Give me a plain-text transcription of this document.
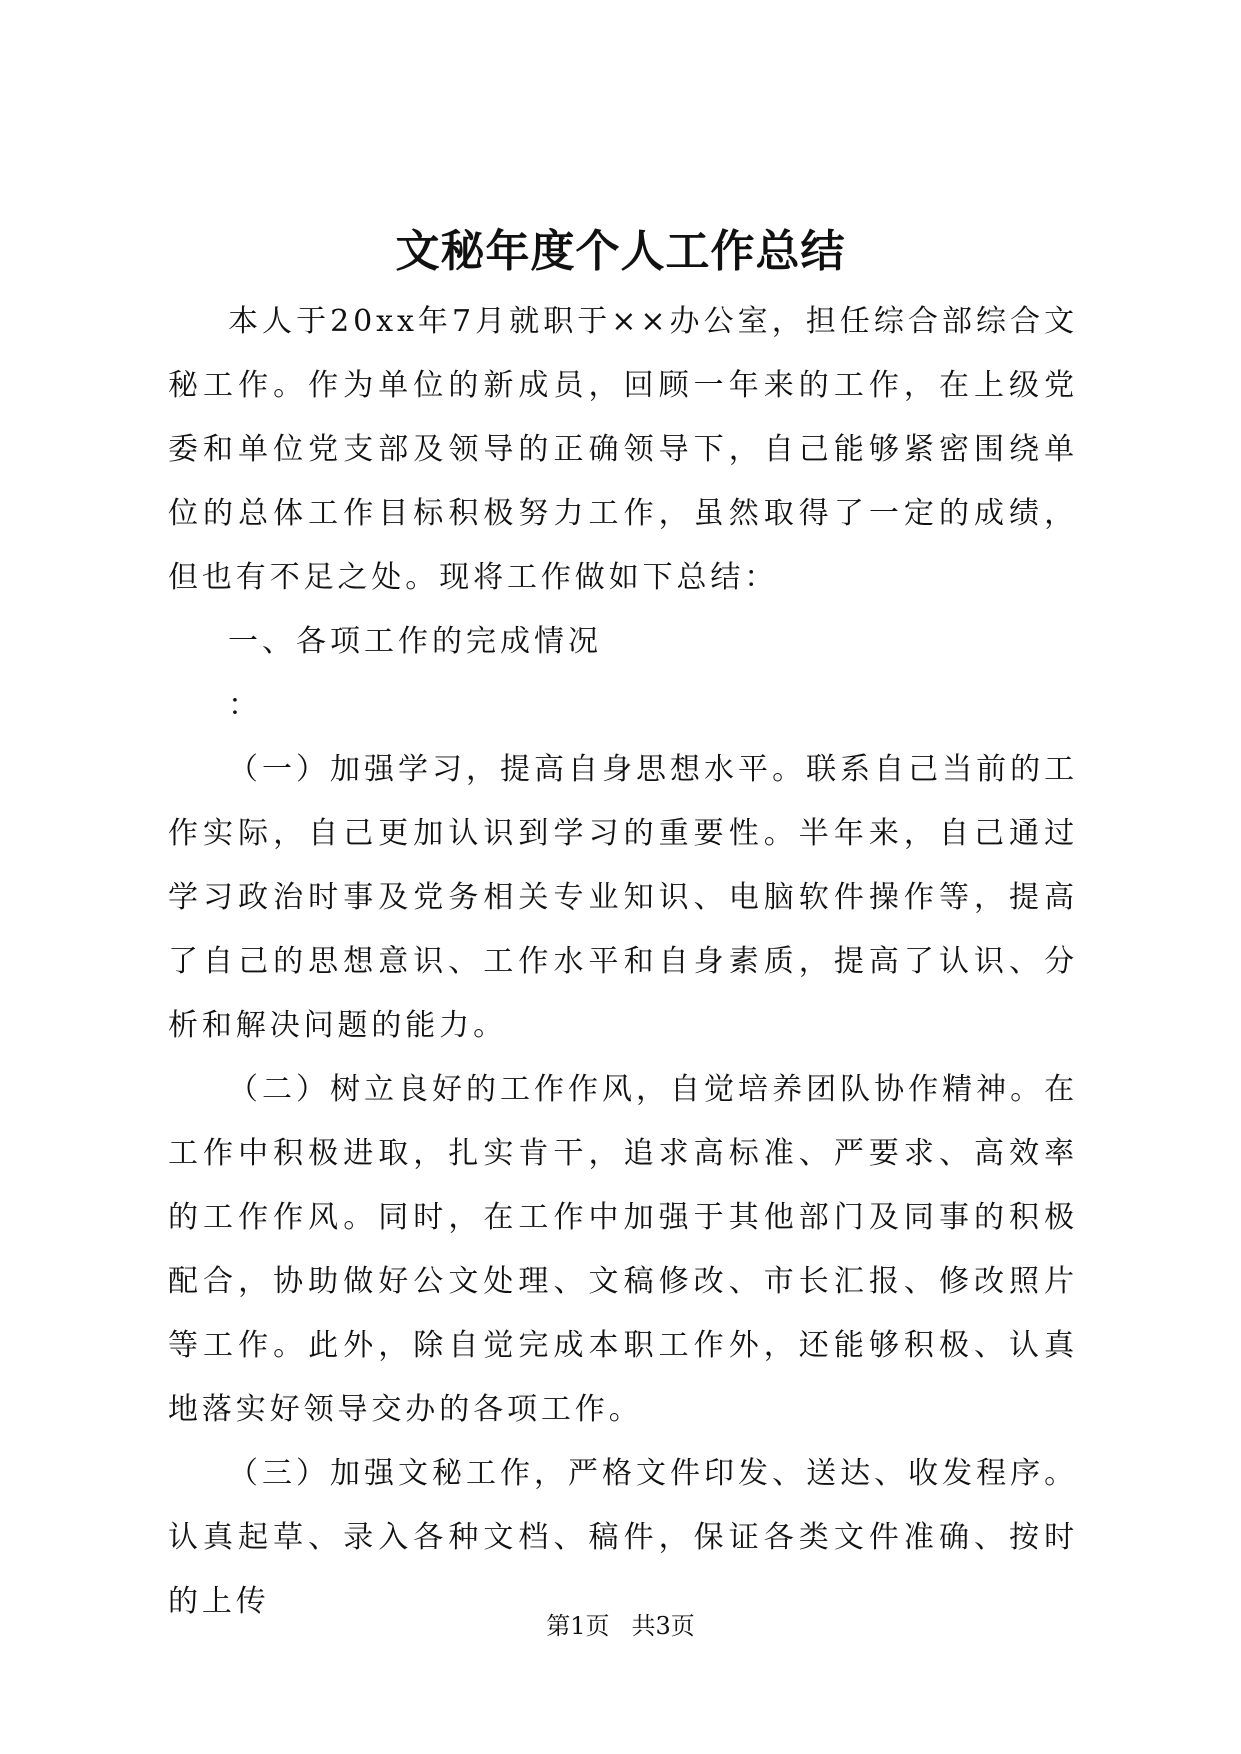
文秘年度个人工作总结

本人于20xx年7月就职于××办公室，担任综合部综合文秘工作。作为单位的新成员，回顾一年来的工作，在上级党委和单位党支部及领导的正确领导下，自己能够紧密围绕单位的总体工作目标积极努力工作，虽然取得了一定的成绩，但也有不足之处。现将工作做如下总结：

一、各项工作的完成情况

：

（一）加强学习，提高自身思想水平。联系自己当前的工作实际，自己更加认识到学习的重要性。半年来，自己通过学习政治时事及党务相关专业知识、电脑软件操作等，提高了自己的思想意识、工作水平和自身素质，提高了认识、分析和解决问题的能力。

（二）树立良好的工作作风，自觉培养团队协作精神。在工作中积极进取，扎实肯干，追求高标准、严要求、高效率的工作作风。同时，在工作中加强于其他部门及同事的积极配合，协助做好公文处理、文稿修改、市长汇报、修改照片等工作。此外，除自觉完成本职工作外，还能够积极、认真地落实好领导交办的各项工作。

（三）加强文秘工作，严格文件印发、送达、收发程序。认真起草、录入各种文档、稿件，保证各类文件准确、按时的上传

第1页 共3页
